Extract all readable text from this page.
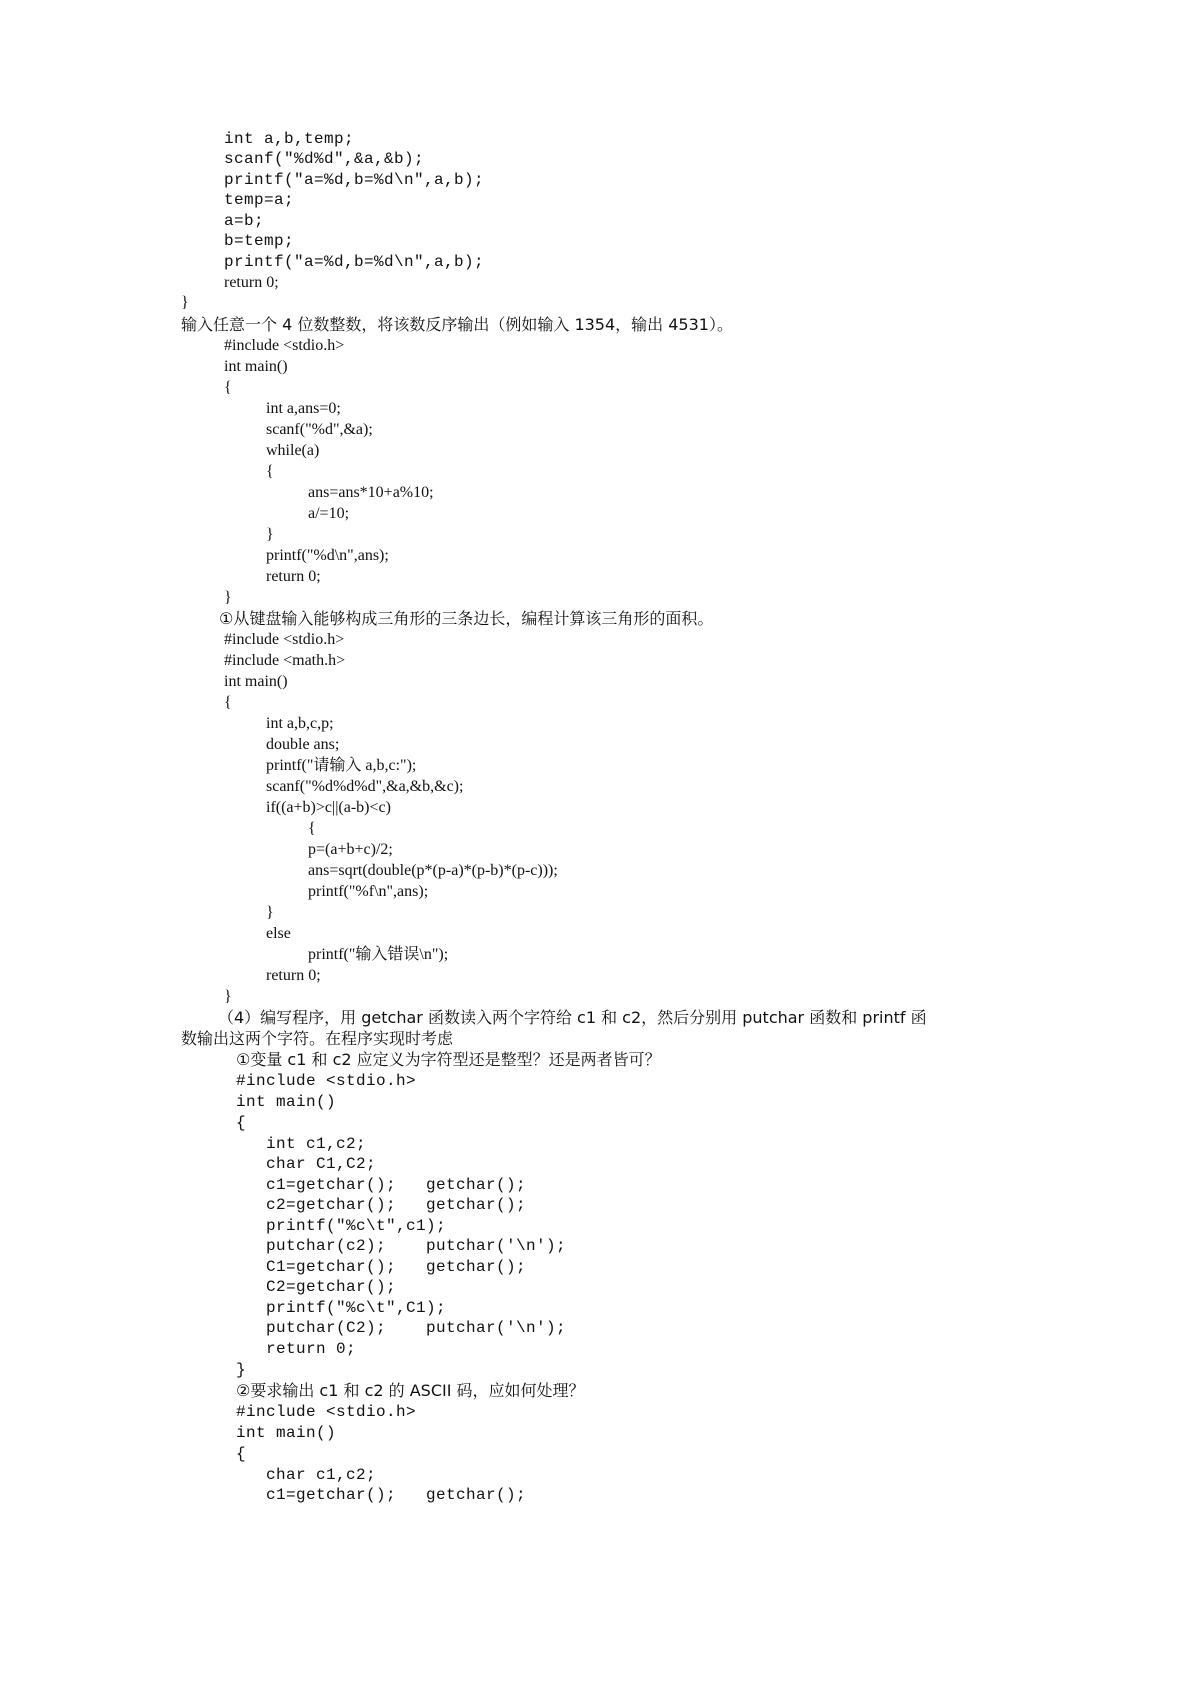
int a,b,temp;
scanf("%d%d",&a,&b);
printf("a=%d,b=%d\n",a,b);
temp=a;
a=b;
b=temp;
printf("a=%d,b=%d\n",a,b);
return 0;
}
输入任意一个 4 位数整数，将该数反序输出（例如输入 1354，输出 4531）。
#include <stdio.h>
int main()
{
int a,ans=0;
scanf("%d",&a);
while(a)
{
ans=ans*10+a%10;
a/=10;
}
printf("%d\n",ans);
return 0;
}
①从键盘输入能够构成三角形的三条边长，编程计算该三角形的面积。
#include <stdio.h>
#include <math.h>
int main()
{
int a,b,c,p;
double ans;
printf("请输入 a,b,c:");
scanf("%d%d%d",&a,&b,&c);
if((a+b)>c||(a-b)<c)
{
p=(a+b+c)/2;
ans=sqrt(double(p*(p-a)*(p-b)*(p-c)));
printf("%f\n",ans);
}
else
printf("输入错误\n");
return 0;
}
（4）编写程序，用 getchar 函数读入两个字符给 c1 和 c2，然后分别用 putchar 函数和 printf 函
数输出这两个字符。在程序实现时考虑
①变量 c1 和 c2 应定义为字符型还是整型？还是两者皆可？
#include <stdio.h>
int main()
{
int c1,c2;
char C1,C2;
c1=getchar();   getchar();
c2=getchar();   getchar();
printf("%c\t",c1);
putchar(c2);    putchar('\n');
C1=getchar();   getchar();
C2=getchar();
printf("%c\t",C1);
putchar(C2);    putchar('\n');
return 0;
}
②要求输出 c1 和 c2 的 ASCII 码，应如何处理？
#include <stdio.h>
int main()
{
char c1,c2;
c1=getchar();   getchar();
